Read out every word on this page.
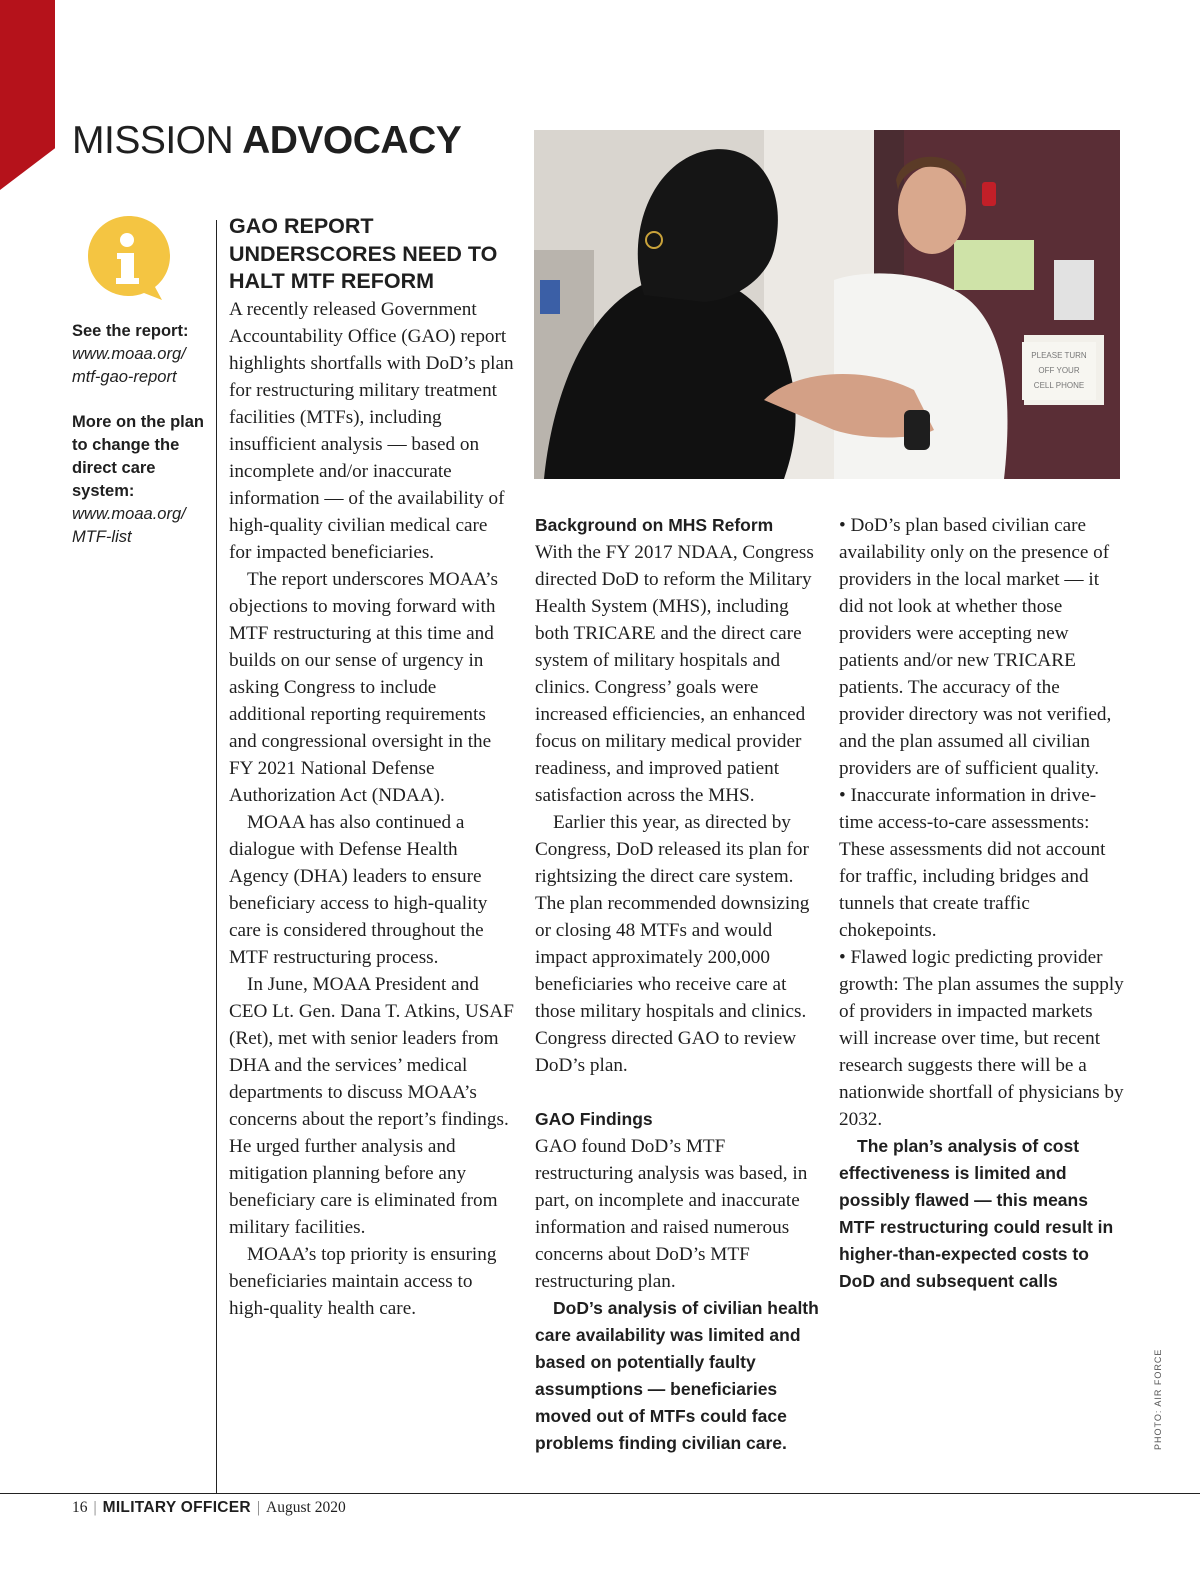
MISSION ADVOCACY
See the report:
www.moaa.org/
mtf-gao-report
More on the plan to change the direct care system:
www.moaa.org/
MTF-list
GAO REPORT UNDERSCORES NEED TO HALT MTF REFORM

A recently released Government Accountability Office (GAO) report highlights shortfalls with DoD’s plan for restructuring military treatment facilities (MTFs), including insufficient analysis — based on incomplete and/or inaccurate information — of the availability of high-quality civilian medical care for impacted beneficiaries.

The report underscores MOAA’s objections to moving forward with MTF restructuring at this time and builds on our sense of urgency in asking Congress to include additional reporting requirements and congressional oversight in the FY 2021 National Defense Authorization Act (NDAA).

MOAA has also continued a dialogue with Defense Health Agency (DHA) leaders to ensure beneficiary access to high-quality care is considered throughout the MTF restructuring process.

In June, MOAA President and CEO Lt. Gen. Dana T. Atkins, USAF (Ret), met with senior leaders from DHA and the services’ medical departments to discuss MOAA’s concerns about the report’s findings. He urged further analysis and mitigation planning before any beneficiary care is eliminated from military facilities.

MOAA’s top priority is ensuring beneficiaries maintain access to high-quality health care.

PLEASE TURN
OFF YOUR
CELL PHONE
Background on MHS Reform

With the FY 2017 NDAA, Congress directed DoD to reform the Military Health System (MHS), including both TRICARE and the direct care system of military hospitals and clinics. Congress’ goals were increased efficiencies, an enhanced focus on military medical provider readiness, and improved patient satisfaction across the MHS.

Earlier this year, as directed by Congress, DoD released its plan for rightsizing the direct care system. The plan recommended downsizing or closing 48 MTFs and would impact approximately 200,000 beneficiaries who receive care at those military hospitals and clinics. Congress directed GAO to review DoD’s plan.

GAO Findings

GAO found DoD’s MTF restructuring analysis was based, in part, on incomplete and inaccurate information and raised numerous concerns about DoD’s MTF restructuring plan.

DoD’s analysis of civilian health care availability was limited and based on potentially faulty assumptions — beneficiaries moved out of MTFs could face problems finding civilian care.

• DoD’s plan based civilian care availability only on the presence of providers in the local market — it did not look at whether those providers were accepting new patients and/or new TRICARE patients. The accuracy of the provider directory was not verified, and the plan assumed all civilian providers are of sufficient quality.

• Inaccurate information in drive-time access-to-care assessments: These assessments did not account for traffic, including bridges and tunnels that create traffic chokepoints.

• Flawed logic predicting provider growth: The plan assumes the supply of providers in impacted markets will increase over time, but recent research suggests there will be a nationwide shortfall of physicians by 2032.

The plan’s analysis of cost effectiveness is limited and possibly flawed — this means MTF restructuring could result in higher-than-expected costs to DoD and subsequent calls

PHOTO: AIR FORCE
16 | MILITARY OFFICER | August 2020
